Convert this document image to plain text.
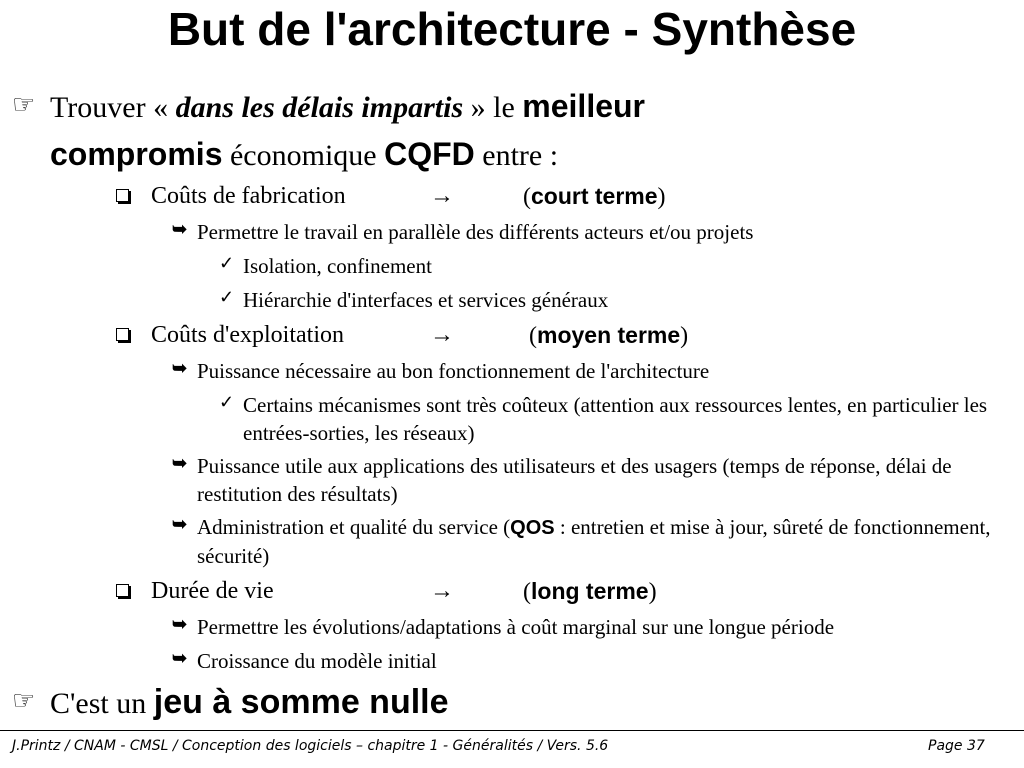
But de l'architecture - Synthèse
☞ Trouver « dans les délais impartis » le meilleur
compromis économique CQFD entre :
Coûts de fabrication	→	(court terme)
➥ Permettre le travail en parallèle des différents acteurs et/ou projets
✓ Isolation, confinement
✓ Hiérarchie d'interfaces et services généraux
Coûts d'exploitation	→	(moyen terme)
➥ Puissance nécessaire au bon fonctionnement de l'architecture
✓ Certains mécanismes sont très coûteux (attention aux ressources lentes, en particulier les entrées-sorties, les réseaux)
➥ Puissance utile aux applications des utilisateurs et des usagers (temps de réponse, délai de restitution des résultats)
➥ Administration et qualité du service (QOS : entretien et mise à jour, sûreté de fonctionnement, sécurité)
Durée de vie	→	(long terme)
➥ Permettre les évolutions/adaptations à coût marginal sur une longue période
➥ Croissance du modèle initial
☞ C'est un jeu à somme nulle
J.Printz / CNAM - CMSL / Conception des logiciels – chapitre 1 - Généralités / Vers. 5.6	Page 37
